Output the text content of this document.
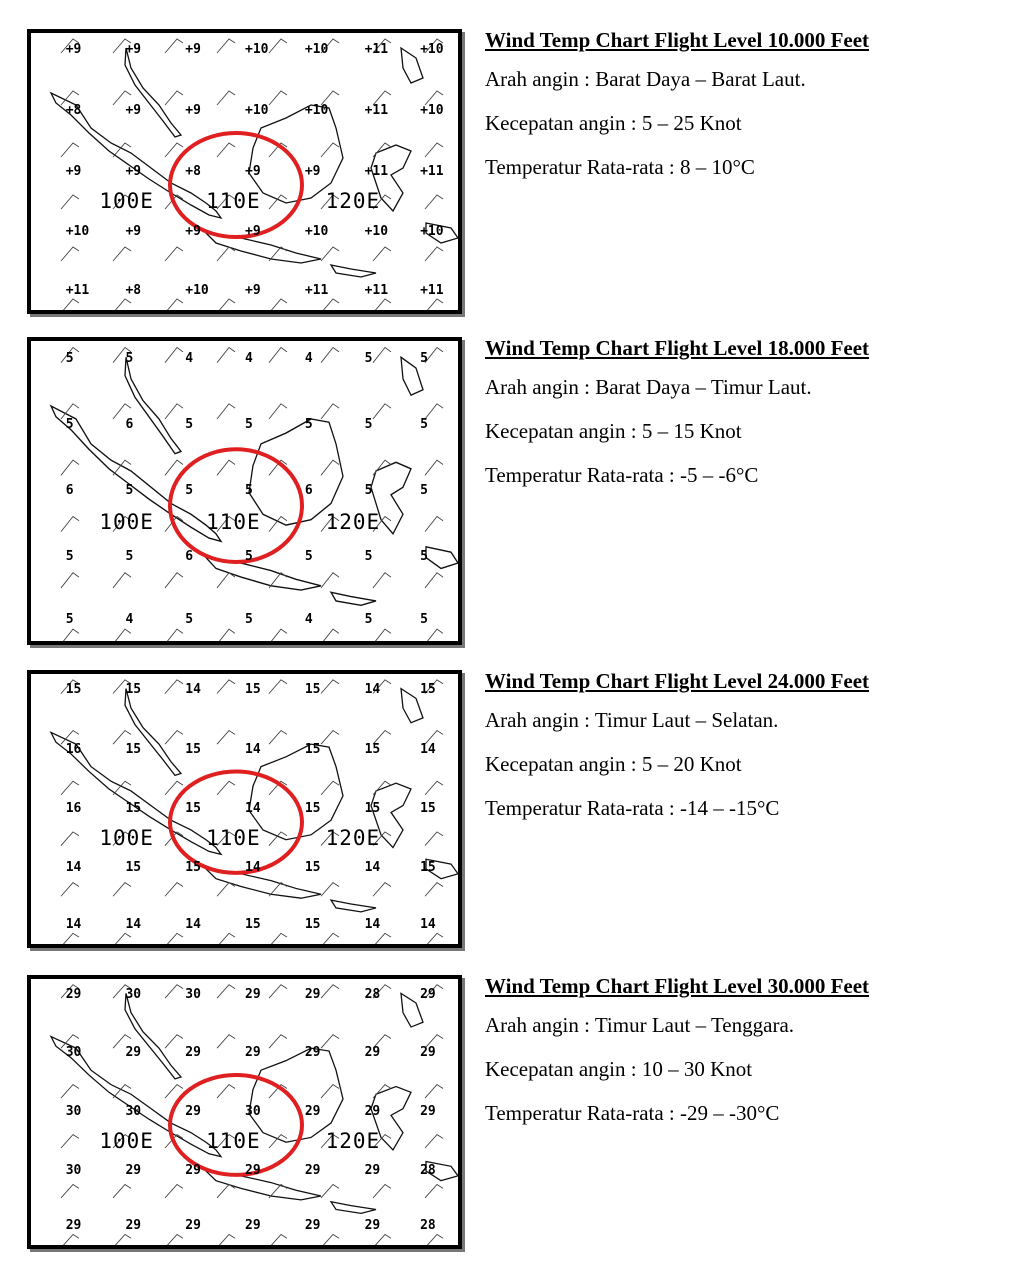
+9	+9	+9	+10	+10	+11 +10
+8	+9	+9	+10	+10	+11 +10
+9	+9	+8	+9	+9	+11 +11
+10	+9	+9	+9	+10	+10 +10
+11	+8	+10	+9	+11	+11 +11
100E 110E	120E

Wind Temp Chart Flight Level 10.000 Feet

Arah angin : Barat Daya – Barat Laut.

Kecepatan angin : 5 – 25 Knot

Temperatur Rata-rata : 8 – 10°C

5	5	4	4	4	5	5
5	6	5	5	5	5	5
6	5	5	5	6	5	5
5	5	6	5	5	5	5
5	4	5	5	4	5	5
100E 110E	120E

Wind Temp Chart Flight Level 18.000 Feet

Arah angin : Barat Daya – Timur Laut.

Kecepatan angin : 5 – 15 Knot

Temperatur Rata-rata : -5 – -6°C

15	15	14	15	15	14	15
16	15	15	14	15	15	14
16	15	15	14	15	15	15
14	15	15	14	15	14	15
14	14	14	15	15	14	14
100E 110E	120E

Wind Temp Chart Flight Level 24.000 Feet

Arah angin : Timur Laut – Selatan.

Kecepatan angin : 5 – 20 Knot

Temperatur Rata-rata : -14 – -15°C

29	30	30	29	29	28	29
30	29	29	29	29	29	29
30	30	29	30	29	29	29
30	29	29	29	29	29	28
29	29	29	29	29	29	28
100E 110E	120E

Wind Temp Chart Flight Level 30.000 Feet

Arah angin : Timur Laut – Tenggara.

Kecepatan angin : 10 – 30 Knot

Temperatur Rata-rata : -29 – -30°C
